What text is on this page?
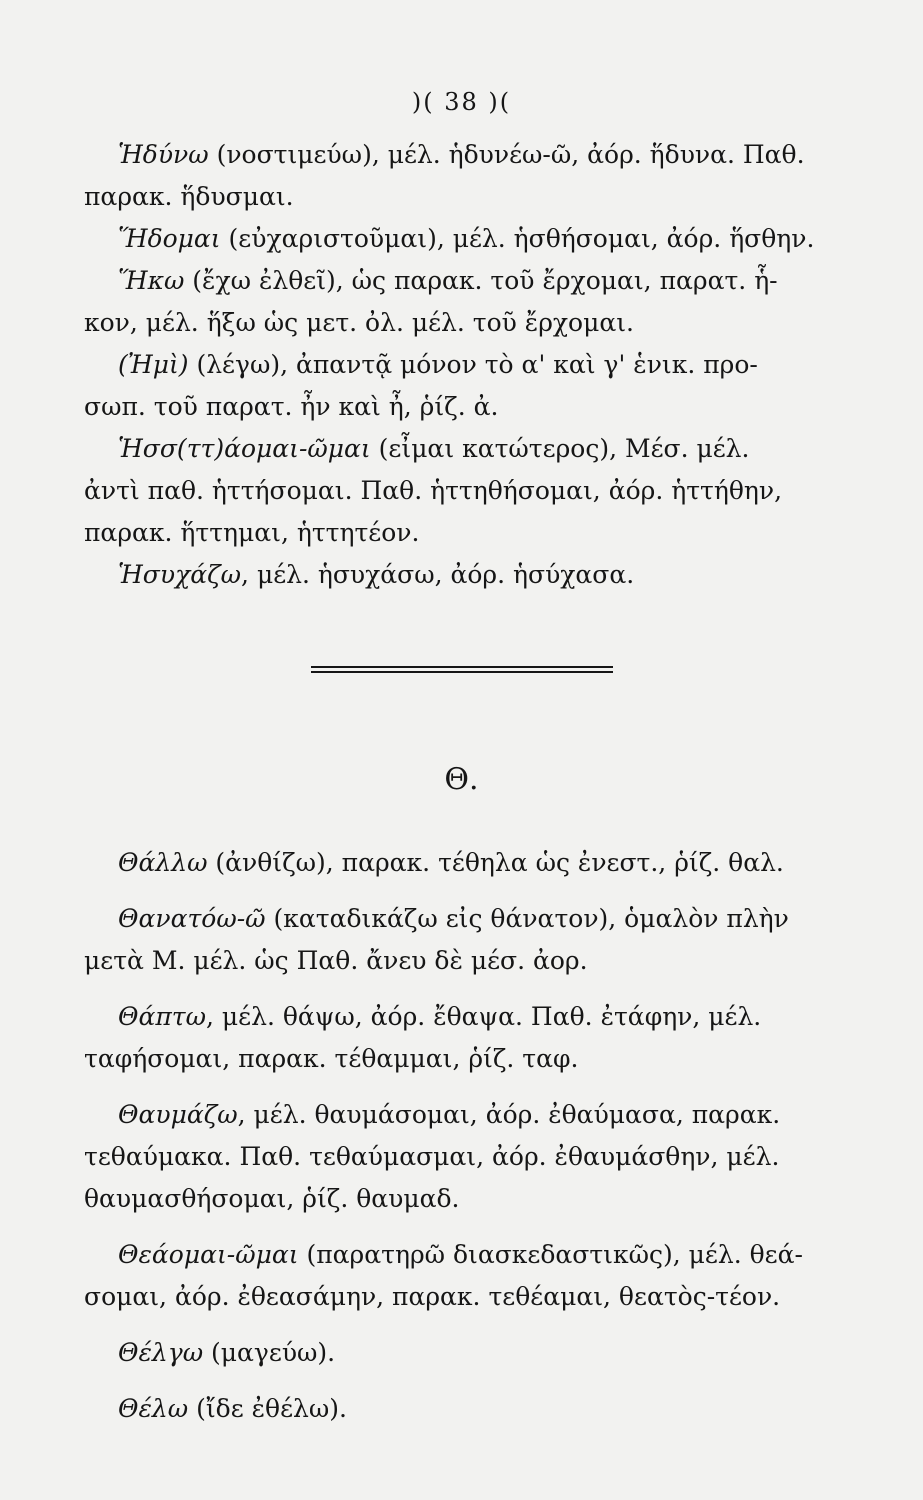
)( 38 )(
Ἡδύνω (νοστιμεύω), μέλ. ἡδυνέω-ῶ, ἀόρ. ἥδυνα. Παθ.
παρακ. ἥδυσμαι.
Ἥδομαι (εὐχαριστοῦμαι), μέλ. ἡσθήσομαι, ἀόρ. ἥσθην.
Ἥκω (ἔχω ἐλθεῖ), ὡς παρακ. τοῦ ἔρχομαι, παρατ. ἧ-
κον, μέλ. ἥξω ὡς μετ. ὀλ. μέλ. τοῦ ἔρχομαι.
(Ἠμὶ) (λέγω), ἀπαντᾷ μόνον τὸ α' καὶ γ' ἑνικ. προ-
σωπ. τοῦ παρατ. ἦν καὶ ἦ, ῥίζ. ἀ.
Ἡσσ(ττ)άομαι-ῶμαι (εἶμαι κατώτερος), Μέσ. μέλ.
ἀντὶ παθ. ἡττήσομαι. Παθ. ἡττηθήσομαι, ἀόρ. ἡττήθην,
παρακ. ἥττημαι, ἡττητέον.
Ἡσυχάζω, μέλ. ἡσυχάσω, ἀόρ. ἡσύχασα.
Θ.
Θάλλω (ἀνθίζω), παρακ. τέθηλα ὡς ἐνεστ., ῥίζ. θαλ.
Θανατόω-ῶ (καταδικάζω εἰς θάνατον), ὁμαλὸν πλὴν
μετὰ Μ. μέλ. ὡς Παθ. ἄνευ δὲ μέσ. ἀορ.
Θάπτω, μέλ. θάψω, ἀόρ. ἔθαψα. Παθ. ἐτάφην, μέλ.
ταφήσομαι, παρακ. τέθαμμαι, ῥίζ. ταφ.
Θαυμάζω, μέλ. θαυμάσομαι, ἀόρ. ἐθαύμασα, παρακ.
τεθαύμακα. Παθ. τεθαύμασμαι, ἀόρ. ἐθαυμάσθην, μέλ.
θαυμασθήσομαι, ῥίζ. θαυμαδ.
Θεάομαι-ῶμαι (παρατηρῶ διασκεδαστικῶς), μέλ. θεά-
σομαι, ἀόρ. ἐθεασάμην, παρακ. τεθέαμαι, θεατὸς-τέον.
Θέλγω (μαγεύω).
Θέλω (ἴδε ἐθέλω).
